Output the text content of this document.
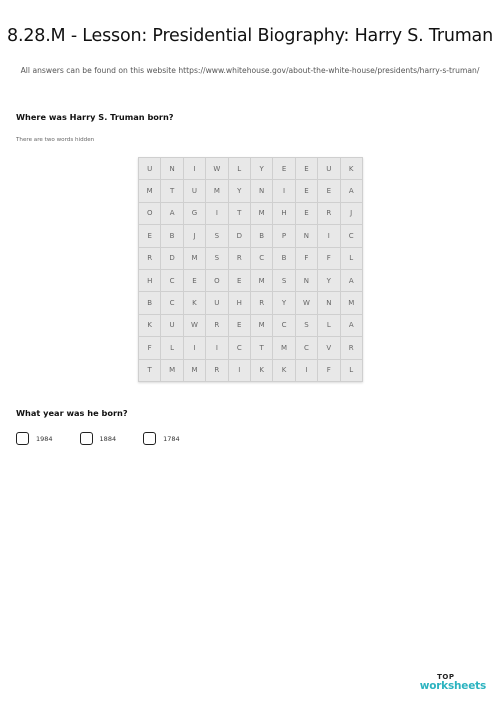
8.28.M - Lesson: Presidential Biography: Harry S. Truman
All answers can be found on this website https://www.whitehouse.gov/about-the-white-house/presidents/harry-s-truman/
Where was Harry S. Truman born?
There are two words hidden
U	N	I	W	L	Y	E	E	U	K
M	T	U	M	Y	N	I	E	E	A
O	A	G	I	T	M	H	E	R	J
E	B	J	S	D	B	P	N	I	C
R	D	M	S	R	C	B	F	F	L
H	C	E	O	E	M	S	N	Y	A
B	C	K	U	H	R	Y	W	N	M
K	U	W	R	E	M	C	S	L	A
F	L	I	I	C	T	M	C	V	R
T	M	M	R	I	K	K	I	F	L
What year was he born?
1984	1884	1784
TOP
worksheets
